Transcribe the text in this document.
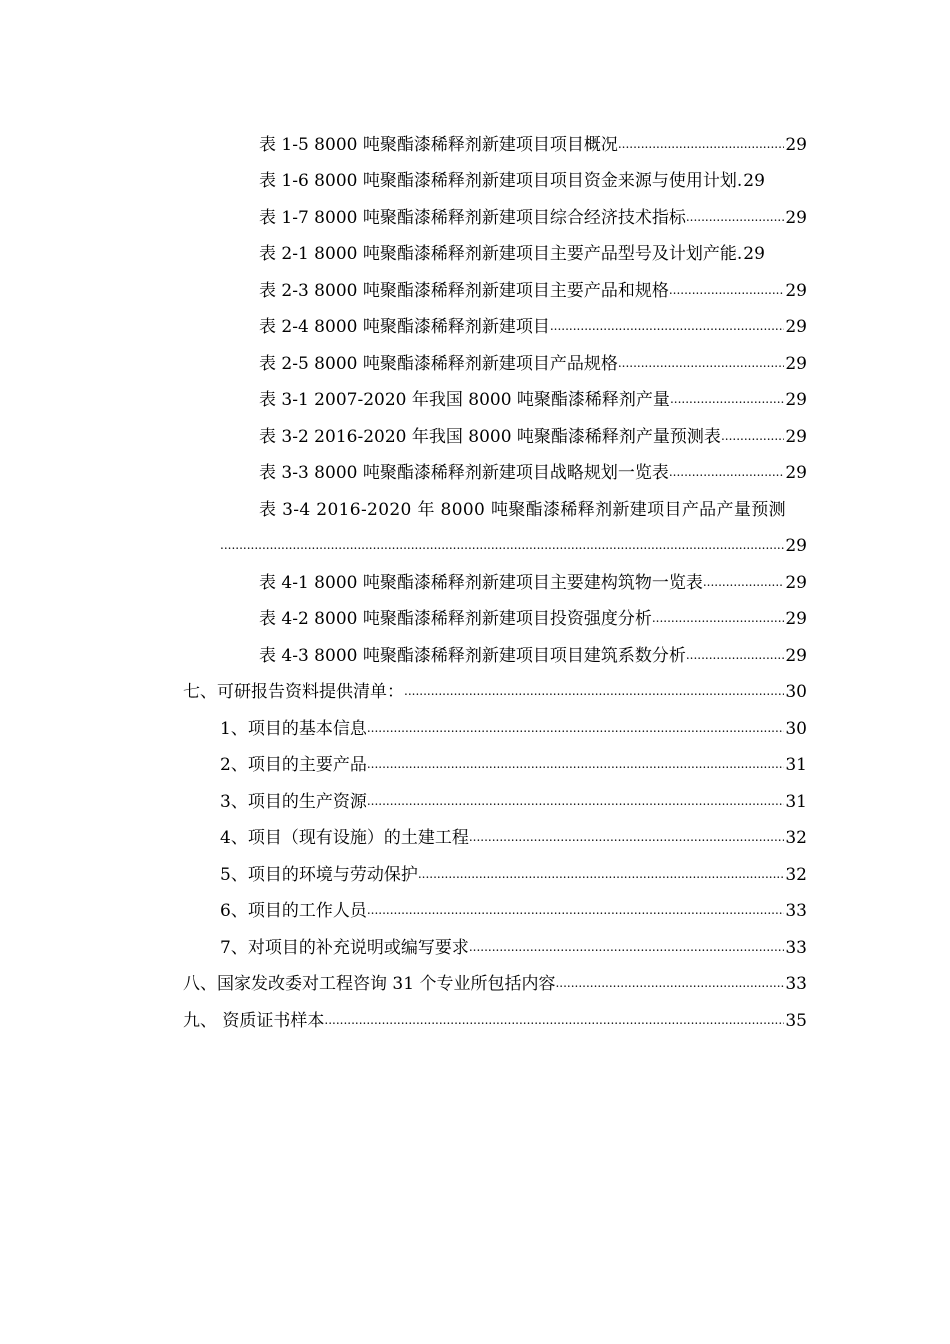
表 1-5 8000 吨聚酯漆稀释剂新建项目项目概况 .....	29
表 1-6 8000 吨聚酯漆稀释剂新建项目项目资金来源与使用计划. 29
表 1-7 8000 吨聚酯漆稀释剂新建项目综合经济技术指标 .....	29
表 2-1 8000 吨聚酯漆稀释剂新建项目主要产品型号及计划产能. 29
表 2-3 8000 吨聚酯漆稀释剂新建项目主要产品和规格 .....	29
表 2-4 8000 吨聚酯漆稀释剂新建项目 .....	29
表 2-5 8000 吨聚酯漆稀释剂新建项目产品规格 .....	29
表 3-1 2007-2020 年我国 8000 吨聚酯漆稀释剂产量 .....	29
表 3-2 2016-2020 年我国 8000 吨聚酯漆稀释剂产量预测表 .....	29
表 3-3 8000 吨聚酯漆稀释剂新建项目战略规划一览表 .....	29
表 3-4 2016-2020 年 8000 吨聚酯漆稀释剂新建项目产品产量预测
.....
29
表 4-1 8000 吨聚酯漆稀释剂新建项目主要建构筑物一览表 .....	29
表 4-2 8000 吨聚酯漆稀释剂新建项目投资强度分析 .....	29
表 4-3 8000 吨聚酯漆稀释剂新建项目项目建筑系数分析 .....	29
七、可研报告资料提供清单： .....	30
1、项目的基本信息 .....	30
2、项目的主要产品 .....	31
3、项目的生产资源 .....	31
4、项目（现有设施）的土建工程 .....	32
5、项目的环境与劳动保护 .....	32
6、项目的工作人员 .....	33
7、对项目的补充说明或编写要求 .....	33
八、国家发改委对工程咨询 31 个专业所包括内容 .....	33
九、 资质证书样本 .....	35
